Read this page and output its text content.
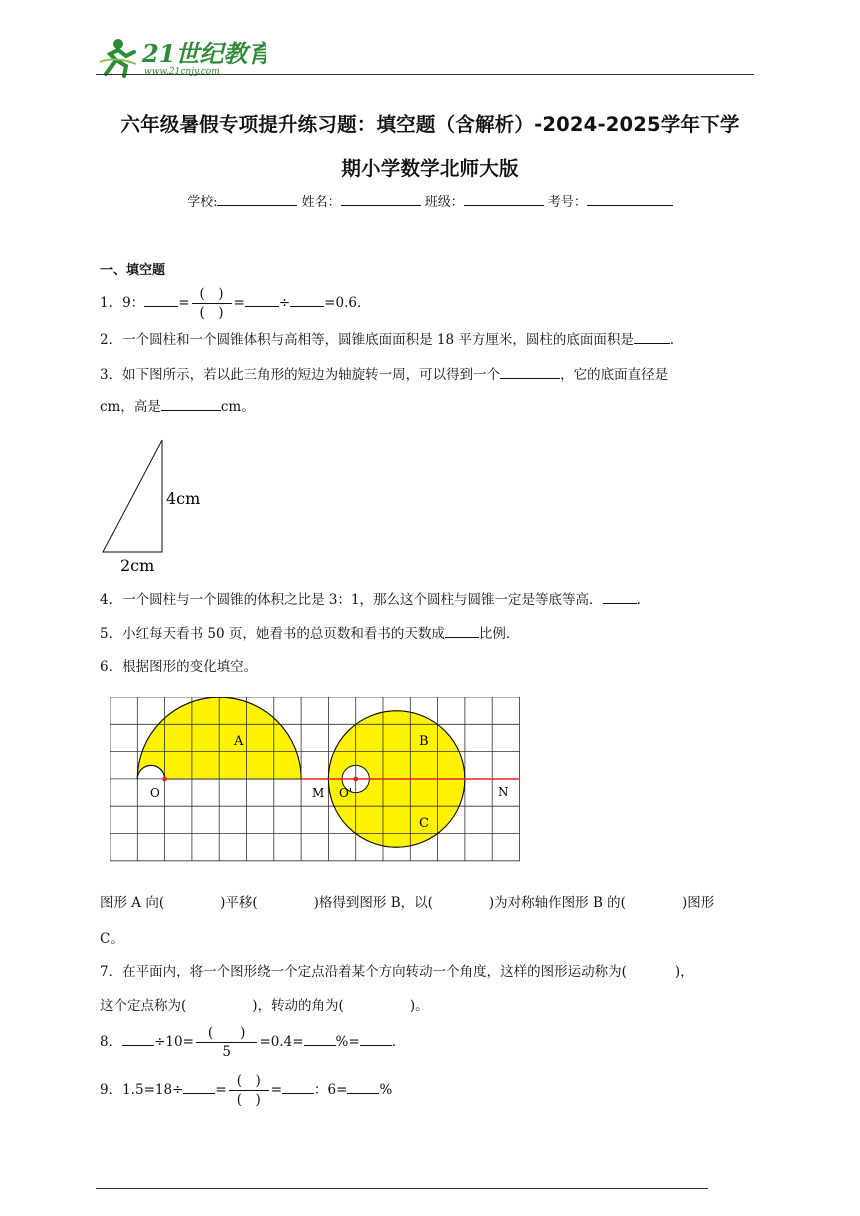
21世纪教育
www.21cnjy.com
六年级暑假专项提升练习题：填空题（含解析）-2024-2025学年下学
期小学数学北师大版
学校:	姓名：	班级：	考号：
一、填空题
1．9：	= $\frac{( )}{( )}$ =	÷	=0.6．
2．一个圆柱和一个圆锥体积与高相等，圆锥底面面积是 18 平方厘米，圆柱的底面面积是	．
3．如下图所示，若以此三角形的短边为轴旋转一周，可以得到一个	，它的底面直径是
cm，高是	cm。
4cm
2cm
4．一个圆柱与一个圆锥的体积之比是 3：1，那么这个圆柱与圆锥一定是等底等高．	．
5．小红每天看书 50 页，她看书的总页数和看书的天数成	比例．
6．根据图形的变化填空。
A	B
C
O	M O'	N
图形 A 向(	)平移(	)格得到图形 B，以(	)为对称轴作图形 B 的(	)图形
C。
7．在平面内，将一个图形绕一个定点沿着某个方向转动一个角度，这样的图形运动称为(	)，
这个定点称为(	)，转动的角为(	)。
8． $\div 10= \frac{( )}{5} =0.4=$ %= ．
9．$1.5=18\div = \frac{( )}{( )}$ = ：6= %
